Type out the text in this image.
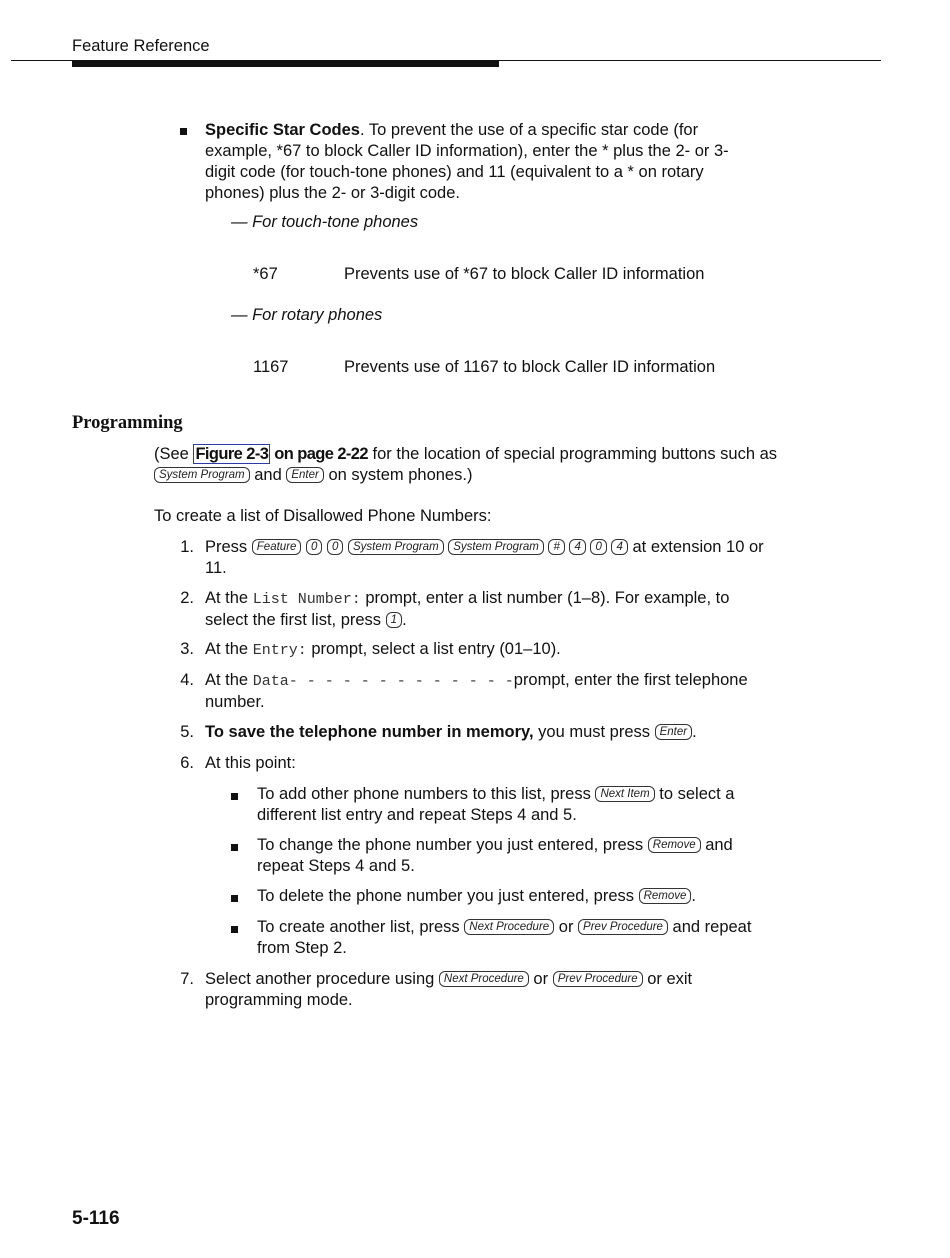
Feature Reference
Specific Star Codes. To prevent the use of a specific star code (for example, *67 to block Caller ID information), enter the * plus the 2- or 3-digit code (for touch-tone phones) and 11 (equivalent to a * on rotary phones) plus the 2- or 3-digit code.
— For touch-tone phones
*67	Prevents use of *67 to block Caller ID information
— For rotary phones
1167	Prevents use of 1167 to block Caller ID information
Programming
(See Figure 2-3 on page 2-22 for the location of special programming buttons such as System Program and Enter on system phones.)
To create a list of Disallowed Phone Numbers:
1. Press Feature 0 0 System Program System Program # 4 0 4 at extension 10 or 11.
2. At the List Number: prompt, enter a list number (1–8). For example, to select the first list, press 1 .
3. At the Entry: prompt, select a list entry (01–10).
4. At the Data- - - - - - - - - - - - -prompt, enter the first telephone number.
5. To save the telephone number in memory, you must press Enter .
6. At this point:
To add other phone numbers to this list, press Next Item to select a different list entry and repeat Steps 4 and 5.
To change the phone number you just entered, press Remove and repeat Steps 4 and 5.
To delete the phone number you just entered, press Remove .
To create another list, press Next Procedure or Prev Procedure and repeat from Step 2.
7. Select another procedure using Next Procedure or Prev Procedure or exit programming mode.
5-116
